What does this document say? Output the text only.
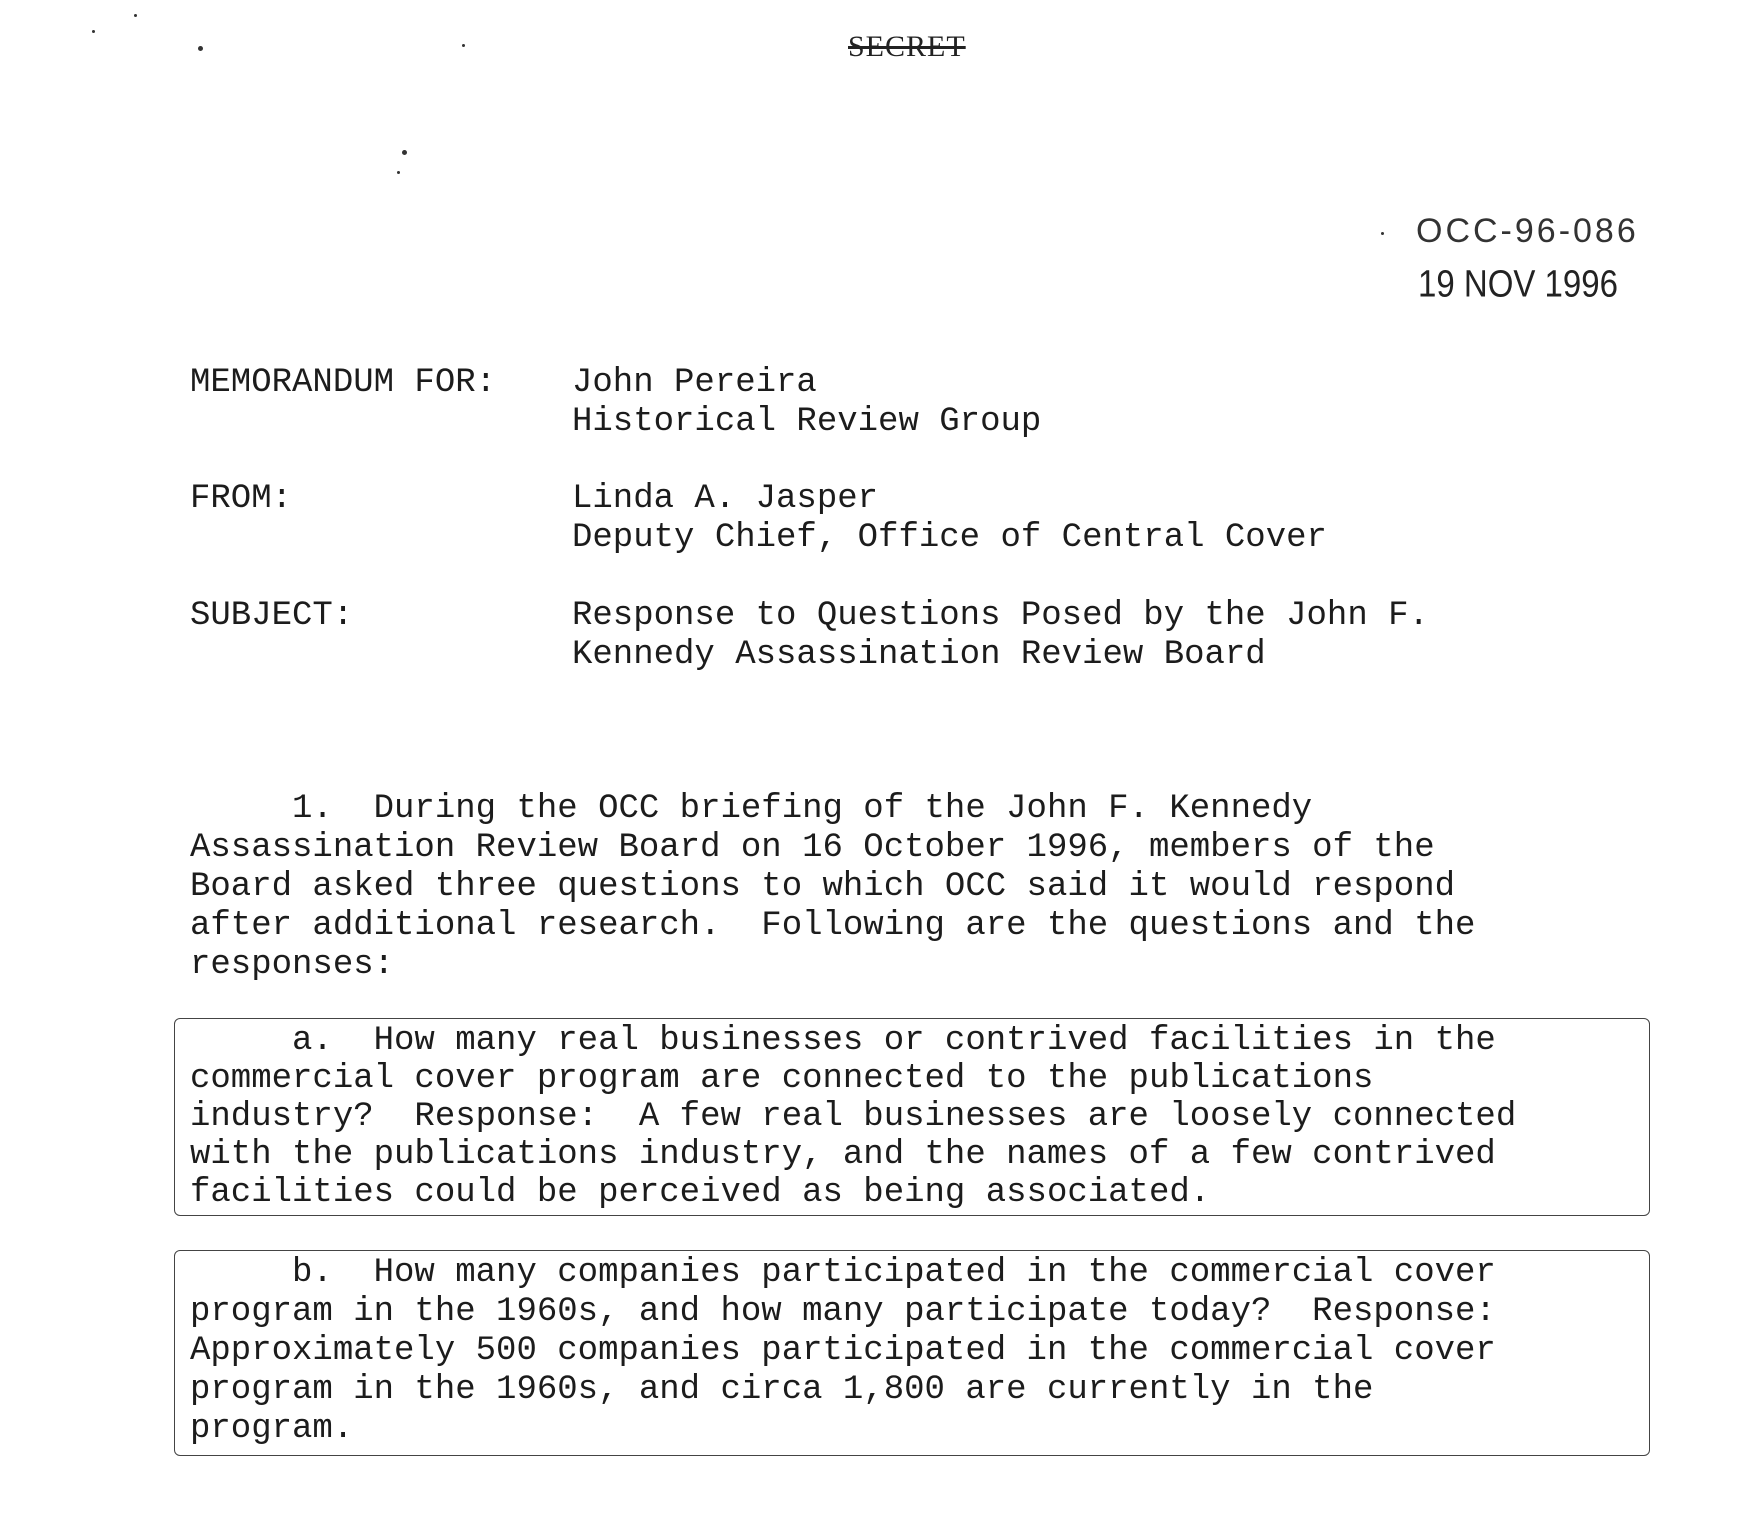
SECRET
OCC-96-086
19 NOV 1996
MEMORANDUM FOR: John Pereira
Historical Review Group
FROM:	Linda A. Jasper
Deputy Chief, Office of Central Cover
SUBJECT:	Response to Questions Posed by the John F.
Kennedy Assassination Review Board
1.  During the OCC briefing of the John F. Kennedy
Assassination Review Board on 16 October 1996, members of the
Board asked three questions to which OCC said it would respond
after additional research.  Following are the questions and the
responses:
a.  How many real businesses or contrived facilities in the
commercial cover program are connected to the publications
industry?  Response:  A few real businesses are loosely connected
with the publications industry, and the names of a few contrived
facilities could be perceived as being associated.
b.  How many companies participated in the commercial cover
program in the 1960s, and how many participate today?  Response:
Approximately 500 companies participated in the commercial cover
program in the 1960s, and circa 1,800 are currently in the
program.
